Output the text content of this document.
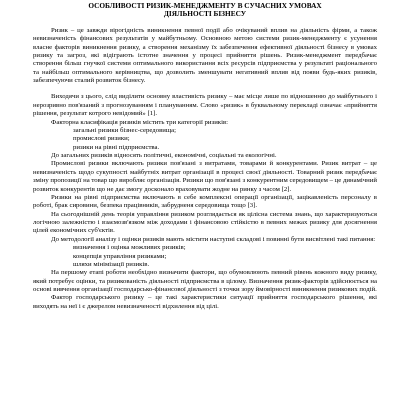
ОСОБЛИВОСТІ РИЗИК-МЕНЕДЖМЕНТУ В СУЧАСНИХ УМОВАХ
ДІЯЛЬНОСТІ БІЗНЕСУ

Ризик – це завжди вірогідність виникнення певної події або очікуваний вплив на діяльність фірми, а також невизначеність фінансових результатів у майбутньому. Основною метою системи ризик-менеджменту є усунення власне факторів виникнення ризику, а створення механізму їх забезпечення ефективної діяльності бізнесу в умовах ризику та загроз, які відіграють істотне значення у процесі прийняття рішень. Ризик-менеджмент передбачає створення більш гнучкої системи оптимального використання всіх ресурсів підприємства у результаті раціонального та найбільш оптимального керівництва, що дозволить зменшувати негативний вплив від появи будь-яких ризиків, забезпечуючи сталий розвиток бізнесу.

Виходячи з цього, слід виділити основну властивість ризику – має місце лише по відношенню до майбутнього і нерозривно пов'язаний з прогнозуванням і плануванням. Слово «ризик» в буквальному перекладі означає «прийняття рішення, результат котрого невідомий» [1].

Факторна класифікація ризиків містить три категорії ризиків:

загальні ризики бізнес-середовища;

промислові ризики;

ризики на рівні підприємства.

До загальних ризиків відносять політичні, економічні, соціальні та екологічні.

Промислові ризики включають ризики пов'язані з витратами, товарами й конкурентами. Ризик витрат – це невизначеність щодо сукупності майбутніх витрат організації в процесі своєї діяльності. Товарний ризик передбачає зміну пропозиції на товар що виробляє організація. Ризики що пов'язані з конкурентним середовищем – це динамічний розвиток конкурентів що не дає змогу досконало враховувати жодне на ринку з часом [2].

Ризики на рівні підприємства включають в себе комплексні операції організації, зацікавленість персоналу в роботі, брак сировини, безпека працівників, забрудненя середовища тощо [3].

На сьогоднішній день теорія управління ризиком розглядається як цілісна система знань, що характеризуються логічною залежністю і взаємозв'язком між доходами і фінансовою стійкістю в певних межах ризику для досягнення цілей економічних суб'єктів.

До методології аналізу і оцінки ризиків мають містити наступні складові і повинні бути висвітлені такі питання:

визначення і оцінка можливих ризиків;

концепція управління ризиками;

шляхи мінімізації ризиків.

На першому етапі роботи необхідно визначити фактори, що обумовлюють певний рівень кожного виду ризику, який потребує оцінки, та ризикованість діяльності підприємства в цілому. Визначення ризик-факторів здійснюється на основі вивчення організації господарсько-фінансової діяльності з точки зору ймовірності виникнення ризикових подій.

Фактор господарського ризику – це такі характеристики ситуації прийняття господарського рішення, які виходять на неї і є джерелом невизначеності відхилення від цілі.
